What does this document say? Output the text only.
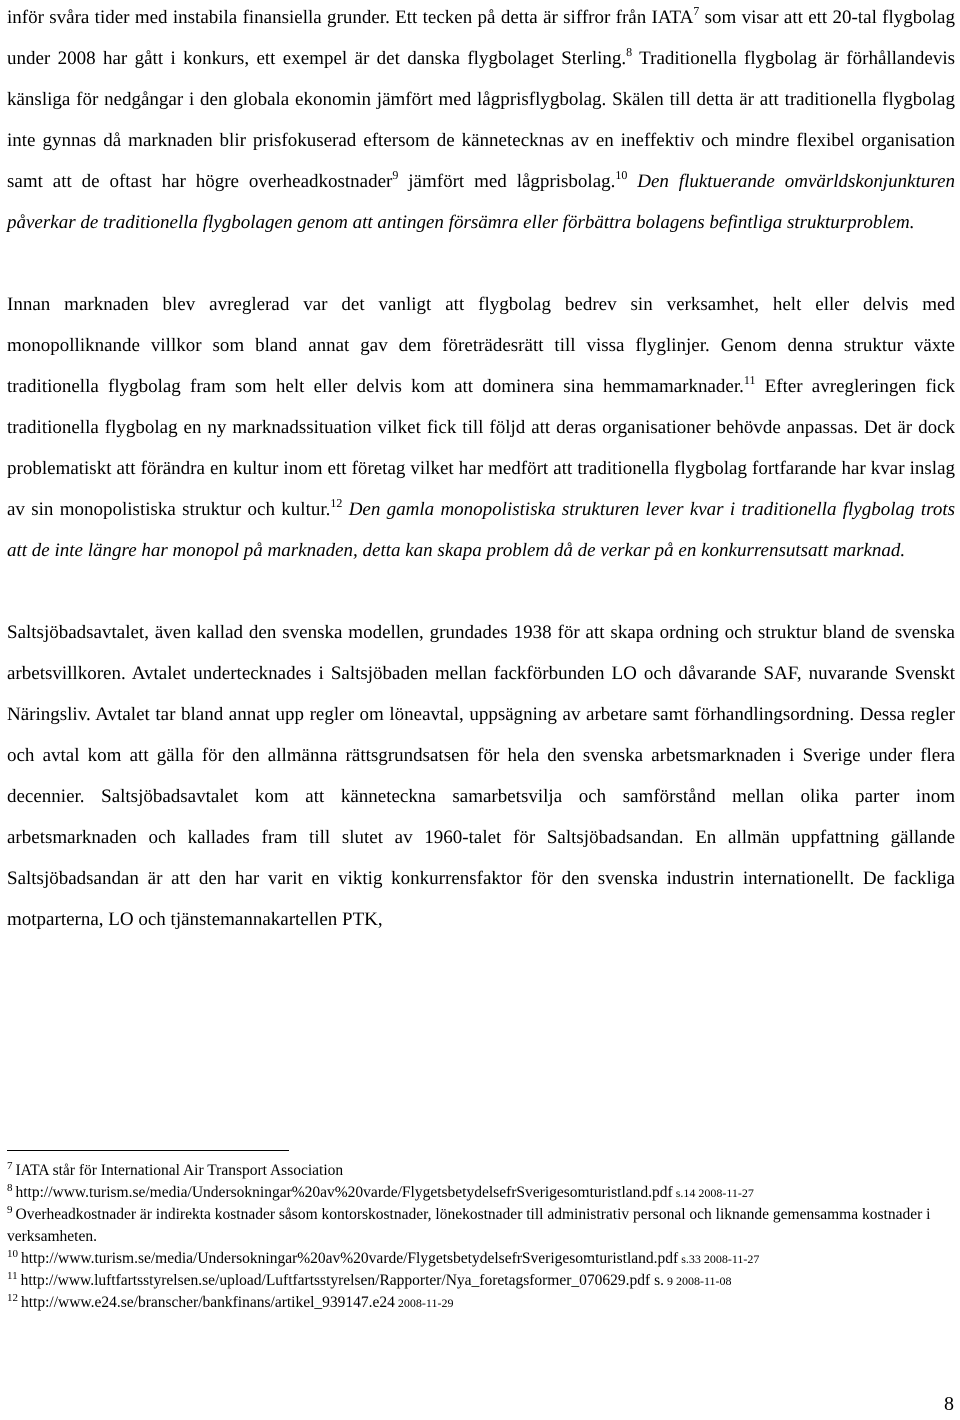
inför svåra tider med instabila finansiella grunder. Ett tecken på detta är siffror från IATA$^7$ som visar att ett 20-tal flygbolag under 2008 har gått i konkurs, ett exempel är det danska flygbolaget Sterling.$^8$ Traditionella flygbolag är förhållandevis känsliga för nedgångar i den globala ekonomin jämfört med lågprisflygbolag. Skälen till detta är att traditionella flygbolag inte gynnas då marknaden blir prisfokuserad eftersom de kännetecknas av en ineffektiv och mindre flexibel organisation samt att de oftast har högre overheadkostnader$^9$ jämfört med lågprisbolag.$^{10}$ Den fluktuerande omvärldskonjunkturen påverkar de traditionella flygbolagen genom att antingen försämra eller förbättra bolagens befintliga strukturproblem.

Innan marknaden blev avreglerad var det vanligt att flygbolag bedrev sin verksamhet, helt eller delvis med monopolliknande villkor som bland annat gav dem företrädesrätt till vissa flyglinjer. Genom denna struktur växte traditionella flygbolag fram som helt eller delvis kom att dominera sina hemmamarknader.$^{11}$ Efter avregleringen fick traditionella flygbolag en ny marknadssituation vilket fick till följd att deras organisationer behövde anpassas. Det är dock problematiskt att förändra en kultur inom ett företag vilket har medfört att traditionella flygbolag fortfarande har kvar inslag av sin monopolistiska struktur och kultur.$^{12}$ Den gamla monopolistiska strukturen lever kvar i traditionella flygbolag trots att de inte längre har monopol på marknaden, detta kan skapa problem då de verkar på en konkurrensutsatt marknad.

Saltsjöbadsavtalet, även kallad den svenska modellen, grundades 1938 för att skapa ordning och struktur bland de svenska arbetsvillkoren. Avtalet undertecknades i Saltsjöbaden mellan fackförbunden LO och dåvarande SAF, nuvarande Svenskt Näringsliv. Avtalet tar bland annat upp regler om löneavtal, uppsägning av arbetare samt förhandlingsordning. Dessa regler och avtal kom att gälla för den allmänna rättsgrundsatsen för hela den svenska arbetsmarknaden i Sverige under flera decennier. Saltsjöbadsavtalet kom att känneteckna samarbetsvilja och samförstånd mellan olika parter inom arbetsmarknaden och kallades fram till slutet av 1960-talet för Saltsjöbadsandan. En allmän uppfattning gällande Saltsjöbadsandan är att den har varit en viktig konkurrensfaktor för den svenska industrin internationellt. De fackliga motparterna, LO och tjänstemannakartellen PTK,

$^7$ IATA står för International Air Transport Association

$^8$ http://www.turism.se/media/Undersokningar%20av%20varde/FlygetsbetydelsefrSverigesomturistland.pdf s.14 2008-11-27

$^9$ Overheadkostnader är indirekta kostnader såsom kontorskostnader, lönekostnader till administrativ personal och liknande gemensamma kostnader i verksamheten.

$^{10}$ http://www.turism.se/media/Undersokningar%20av%20varde/FlygetsbetydelsefrSverigesomturistland.pdf s.33 2008-11-27

$^{11}$ http://www.luftfartsstyrelsen.se/upload/Luftfartsstyrelsen/Rapporter/Nya_foretagsformer_070629.pdf s. 9 2008-11-08

$^{12}$ http://www.e24.se/branscher/bankfinans/artikel_939147.e24 2008-11-29

8
